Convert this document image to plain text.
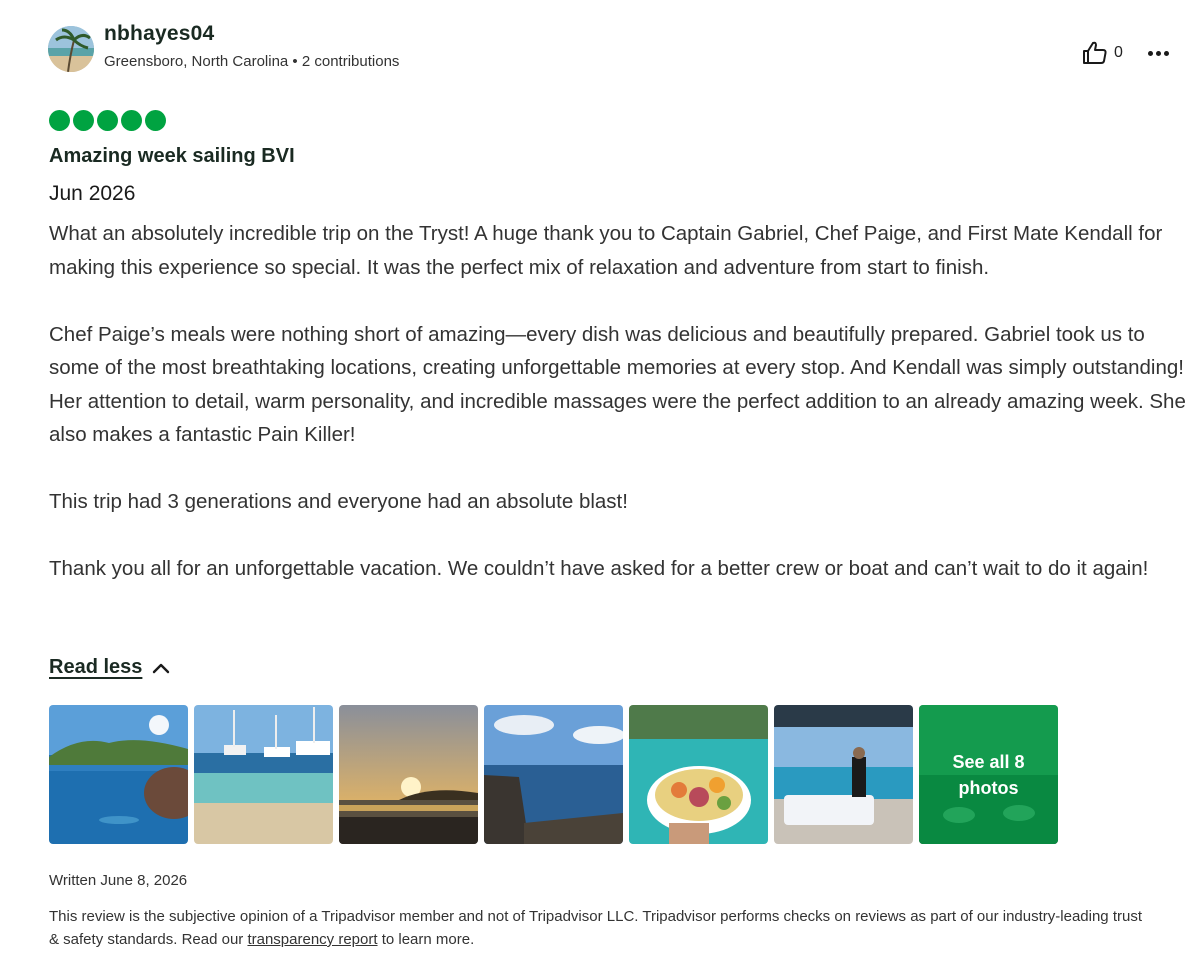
nbhayes04
Greensboro, North Carolina • 2 contributions
0
Amazing week sailing BVI
Jun 2026

What an absolutely incredible trip on the Tryst! A huge thank you to Captain Gabriel, Chef Paige, and First Mate Kendall for making this experience so special. It was the perfect mix of relaxation and adventure from start to finish.

Chef Paige’s meals were nothing short of amazing—every dish was delicious and beautifully prepared. Gabriel took us to some of the most breathtaking locations, creating unforgettable memories at every stop. And Kendall was simply outstanding! Her attention to detail, warm personality, and incredible massages were the perfect addition to an already amazing week. She also makes a fantastic Pain Killer!

This trip had 3 generations and everyone had an absolute blast!

Thank you all for an unforgettable vacation. We couldn’t have asked for a better crew or boat and can’t wait to do it again!

Read less
See all 8 photos
Written June 8, 2026
This review is the subjective opinion of a Tripadvisor member and not of Tripadvisor LLC. Tripadvisor performs checks on reviews as part of our industry-leading trust & safety standards. Read our transparency report to learn more.
